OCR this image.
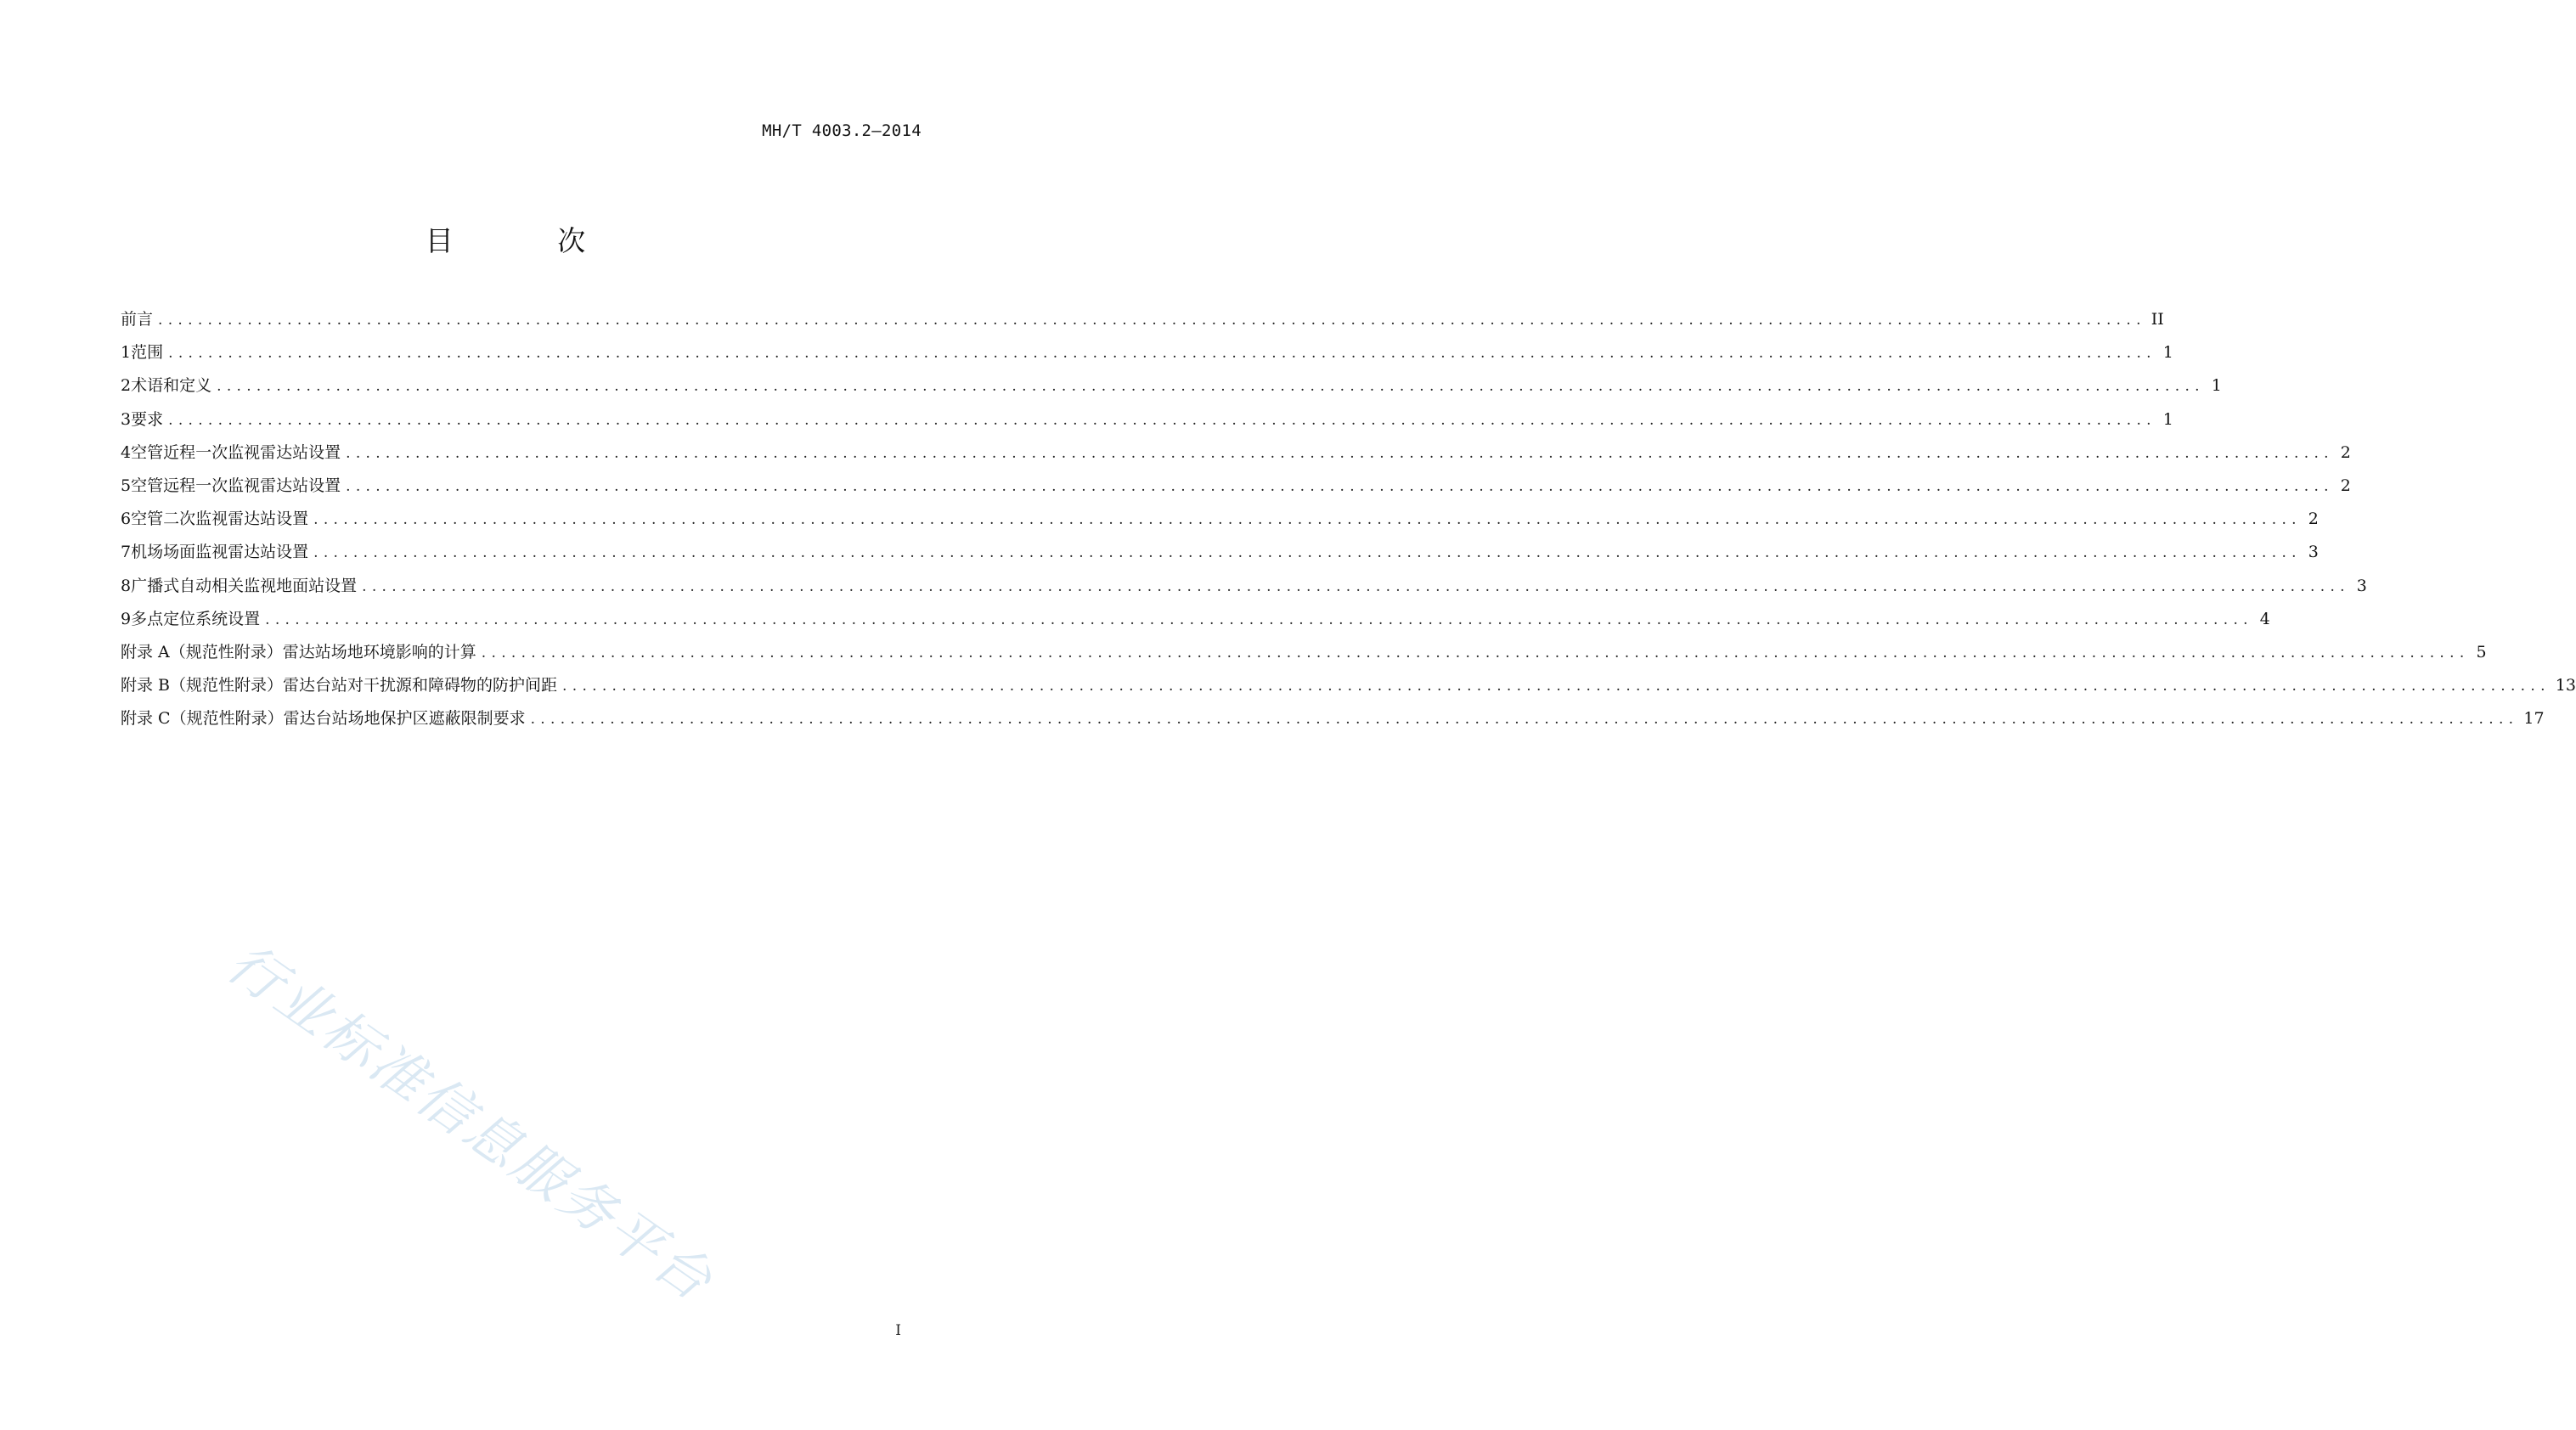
MH/T 4003.2—2014
目 次
前言 ........................................................................................................................................................................................................ II
1 范围 ........................................................................................................................................................................................................ 1
2 术语和定义 ........................................................................................................................................................................................................ 1
3 要求 ........................................................................................................................................................................................................ 1
4 空管近程一次监视雷达站设置 ........................................................................................................................................................................................................ 2
5 空管远程一次监视雷达站设置 ........................................................................................................................................................................................................ 2
6 空管二次监视雷达站设置 ........................................................................................................................................................................................................ 2
7 机场场面监视雷达站设置 ........................................................................................................................................................................................................ 3
8 广播式自动相关监视地面站设置 ........................................................................................................................................................................................................ 3
9 多点定位系统设置 ........................................................................................................................................................................................................ 4
附录 A（规范性附录） 雷达站场地环境影响的计算 ........................................................................................................................................................................................................ 5
附录 B（规范性附录） 雷达台站对干扰源和障碍物的防护间距 ........................................................................................................................................................................................................ 13
附录 C（规范性附录） 雷达台站场地保护区遮蔽限制要求 ........................................................................................................................................................................................................ 17
行业标准信息服务平台
I
